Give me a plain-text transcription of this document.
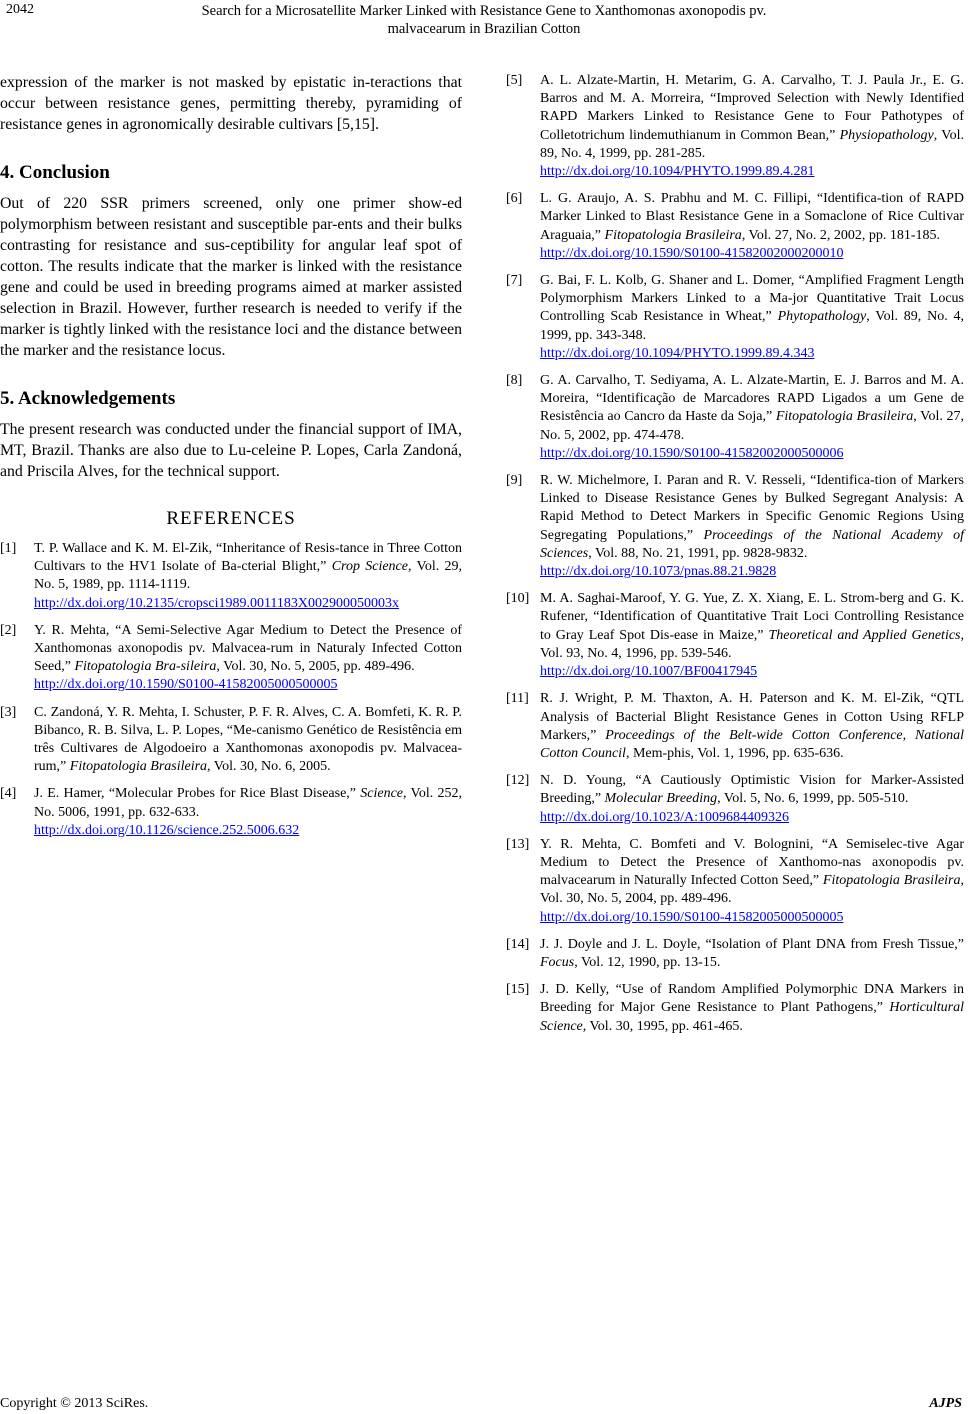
2042	Search for a Microsatellite Marker Linked with Resistance Gene to Xanthomonas axonopodis pv.
malvacearum in Brazilian Cotton

expression of the marker is not masked by epistatic in-teractions that occur between resistance genes, permitting thereby, pyramiding of resistance genes in agronomically desirable cultivars [5,15].

4. Conclusion

Out of 220 SSR primers screened, only one primer show-ed polymorphism between resistant and susceptible par-ents and their bulks contrasting for resistance and sus-ceptibility for angular leaf spot of cotton. The results indicate that the marker is linked with the resistance gene and could be used in breeding programs aimed at marker assisted selection in Brazil. However, further research is needed to verify if the marker is tightly linked with the resistance loci and the distance between the marker and the resistance locus.

5. Acknowledgements

The present research was conducted under the financial support of IMA, MT, Brazil. Thanks are also due to Lu-celeine P. Lopes, Carla Zandoná, and Priscila Alves, for the technical support.

REFERENCES
[1]	T. P. Wallace and K. M. El-Zik, “Inheritance of Resis-tance in Three Cotton Cultivars to the HV1 Isolate of Ba-cterial Blight,” Crop Science, Vol. 29, No. 5, 1989, pp. 1114-1119.
http://dx.doi.org/10.2135/cropsci1989.0011183X002900050003x
[2]	Y. R. Mehta, “A Semi-Selective Agar Medium to Detect the Presence of Xanthomonas axonopodis pv. Malvacea-rum in Naturaly Infected Cotton Seed,” Fitopatologia Bra-sileira, Vol. 30, No. 5, 2005, pp. 489-496.
http://dx.doi.org/10.1590/S0100-41582005000500005
[3]	C. Zandoná, Y. R. Mehta, I. Schuster, P. F. R. Alves, C. A. Bomfeti, K. R. P. Bibanco, R. B. Silva, L. P. Lopes, “Me-canismo Genético de Resistência em três Cultivares de Algodoeiro a Xanthomonas axonopodis pv. Malvacea-rum,” Fitopatologia Brasileira, Vol. 30, No. 6, 2005.
[4]	J. E. Hamer, “Molecular Probes for Rice Blast Disease,” Science, Vol. 252, No. 5006, 1991, pp. 632-633.
http://dx.doi.org/10.1126/science.252.5006.632
[5]	A. L. Alzate-Martin, H. Metarim, G. A. Carvalho, T. J. Paula Jr., E. G. Barros and M. A. Morreira, “Improved Selection with Newly Identified RAPD Markers Linked to Resistance Gene to Four Pathotypes of Colletotrichum lindemuthianum in Common Bean,” Physiopathology, Vol. 89, No. 4, 1999, pp. 281-285.
http://dx.doi.org/10.1094/PHYTO.1999.89.4.281
[6]	L. G. Araujo, A. S. Prabhu and M. C. Fillipi, “Identifica-tion of RAPD Marker Linked to Blast Resistance Gene in a Somaclone of Rice Cultivar Araguaia,” Fitopatologia Brasileira, Vol. 27, No. 2, 2002, pp. 181-185.
http://dx.doi.org/10.1590/S0100-41582002000200010
[7]	G. Bai, F. L. Kolb, G. Shaner and L. Domer, “Amplified Fragment Length Polymorphism Markers Linked to a Ma-jor Quantitative Trait Locus Controlling Scab Resistance in Wheat,” Phytopathology, Vol. 89, No. 4, 1999, pp. 343-348.
http://dx.doi.org/10.1094/PHYTO.1999.89.4.343
[8]	G. A. Carvalho, T. Sediyama, A. L. Alzate-Martin, E. J. Barros and M. A. Moreira, “Identificação de Marcadores RAPD Ligados a um Gene de Resistência ao Cancro da Haste da Soja,” Fitopatologia Brasileira, Vol. 27, No. 5, 2002, pp. 474-478.
http://dx.doi.org/10.1590/S0100-41582002000500006
[9]	R. W. Michelmore, I. Paran and R. V. Resseli, “Identifica-tion of Markers Linked to Disease Resistance Genes by Bulked Segregant Analysis: A Rapid Method to Detect Markers in Specific Genomic Regions Using Segregating Populations,” Proceedings of the National Academy of Sciences, Vol. 88, No. 21, 1991, pp. 9828-9832.
http://dx.doi.org/10.1073/pnas.88.21.9828
[10] M. A. Saghai-Maroof, Y. G. Yue, Z. X. Xiang, E. L. Strom-berg and G. K. Rufener, “Identification of Quantitative Trait Loci Controlling Resistance to Gray Leaf Spot Dis-ease in Maize,” Theoretical and Applied Genetics, Vol. 93, No. 4, 1996, pp. 539-546.
http://dx.doi.org/10.1007/BF00417945
[11] R. J. Wright, P. M. Thaxton, A. H. Paterson and K. M. El-Zik, “QTL Analysis of Bacterial Blight Resistance Genes in Cotton Using RFLP Markers,” Proceedings of the Belt-wide Cotton Conference, National Cotton Council, Mem-phis, Vol. 1, 1996, pp. 635-636.
[12] N. D. Young, “A Cautiously Optimistic Vision for Marker-Assisted Breeding,” Molecular Breeding, Vol. 5, No. 6, 1999, pp. 505-510.
http://dx.doi.org/10.1023/A:1009684409326
[13] Y. R. Mehta, C. Bomfeti and V. Bolognini, “A Semiselec-tive Agar Medium to Detect the Presence of Xanthomo-nas axonopodis pv. malvacearum in Naturally Infected Cotton Seed,” Fitopatologia Brasileira, Vol. 30, No. 5, 2004, pp. 489-496.
http://dx.doi.org/10.1590/S0100-41582005000500005
[14] J. J. Doyle and J. L. Doyle, “Isolation of Plant DNA from Fresh Tissue,” Focus, Vol. 12, 1990, pp. 13-15.
[15] J. D. Kelly, “Use of Random Amplified Polymorphic DNA Markers in Breeding for Major Gene Resistance to Plant Pathogens,” Horticultural Science, Vol. 30, 1995, pp. 461-465.
Copyright © 2013 SciRes.	AJPS
